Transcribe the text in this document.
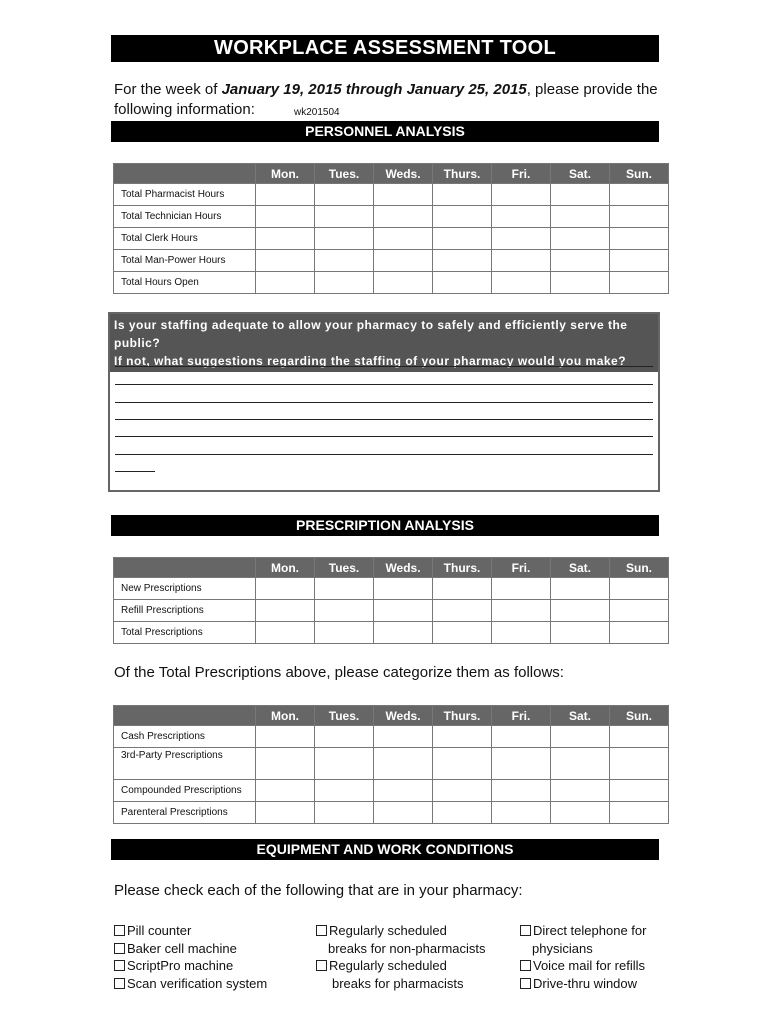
WORKPLACE ASSESSMENT TOOL
For the week of January 19, 2015 through January 25, 2015, please provide the following information:	wk201504
PERSONNEL ANALYSIS
	Mon.	Tues.	Weds.	Thurs.	Fri.	Sat.	Sun.
Total Pharmacist Hours							
Total Technician Hours							
Total Clerk Hours							
Total Man-Power Hours							
Total Hours Open							
Is your staffing adequate to allow your pharmacy to safely and efficiently serve the public?
If not, what suggestions regarding the staffing of your pharmacy would you make?
PRESCRIPTION ANALYSIS
	Mon.	Tues.	Weds.	Thurs.	Fri.	Sat.	Sun.
New Prescriptions							
Refill Prescriptions							
Total Prescriptions							
Of the Total Prescriptions above, please categorize them as follows:
	Mon.	Tues.	Weds.	Thurs.	Fri.	Sat.	Sun.
Cash Prescriptions							
3rd-Party Prescriptions							
Compounded Prescriptions							
Parenteral Prescriptions							
EQUIPMENT AND WORK CONDITIONS
Please check each of the following that are in your pharmacy:
Pill counter
Baker cell machine
ScriptPro machine
Scan verification system
Regularly scheduled
breaks for non-pharmacists
Regularly scheduled
breaks for pharmacists
Direct telephone for
physicians
Voice mail for refills
Drive-thru window
